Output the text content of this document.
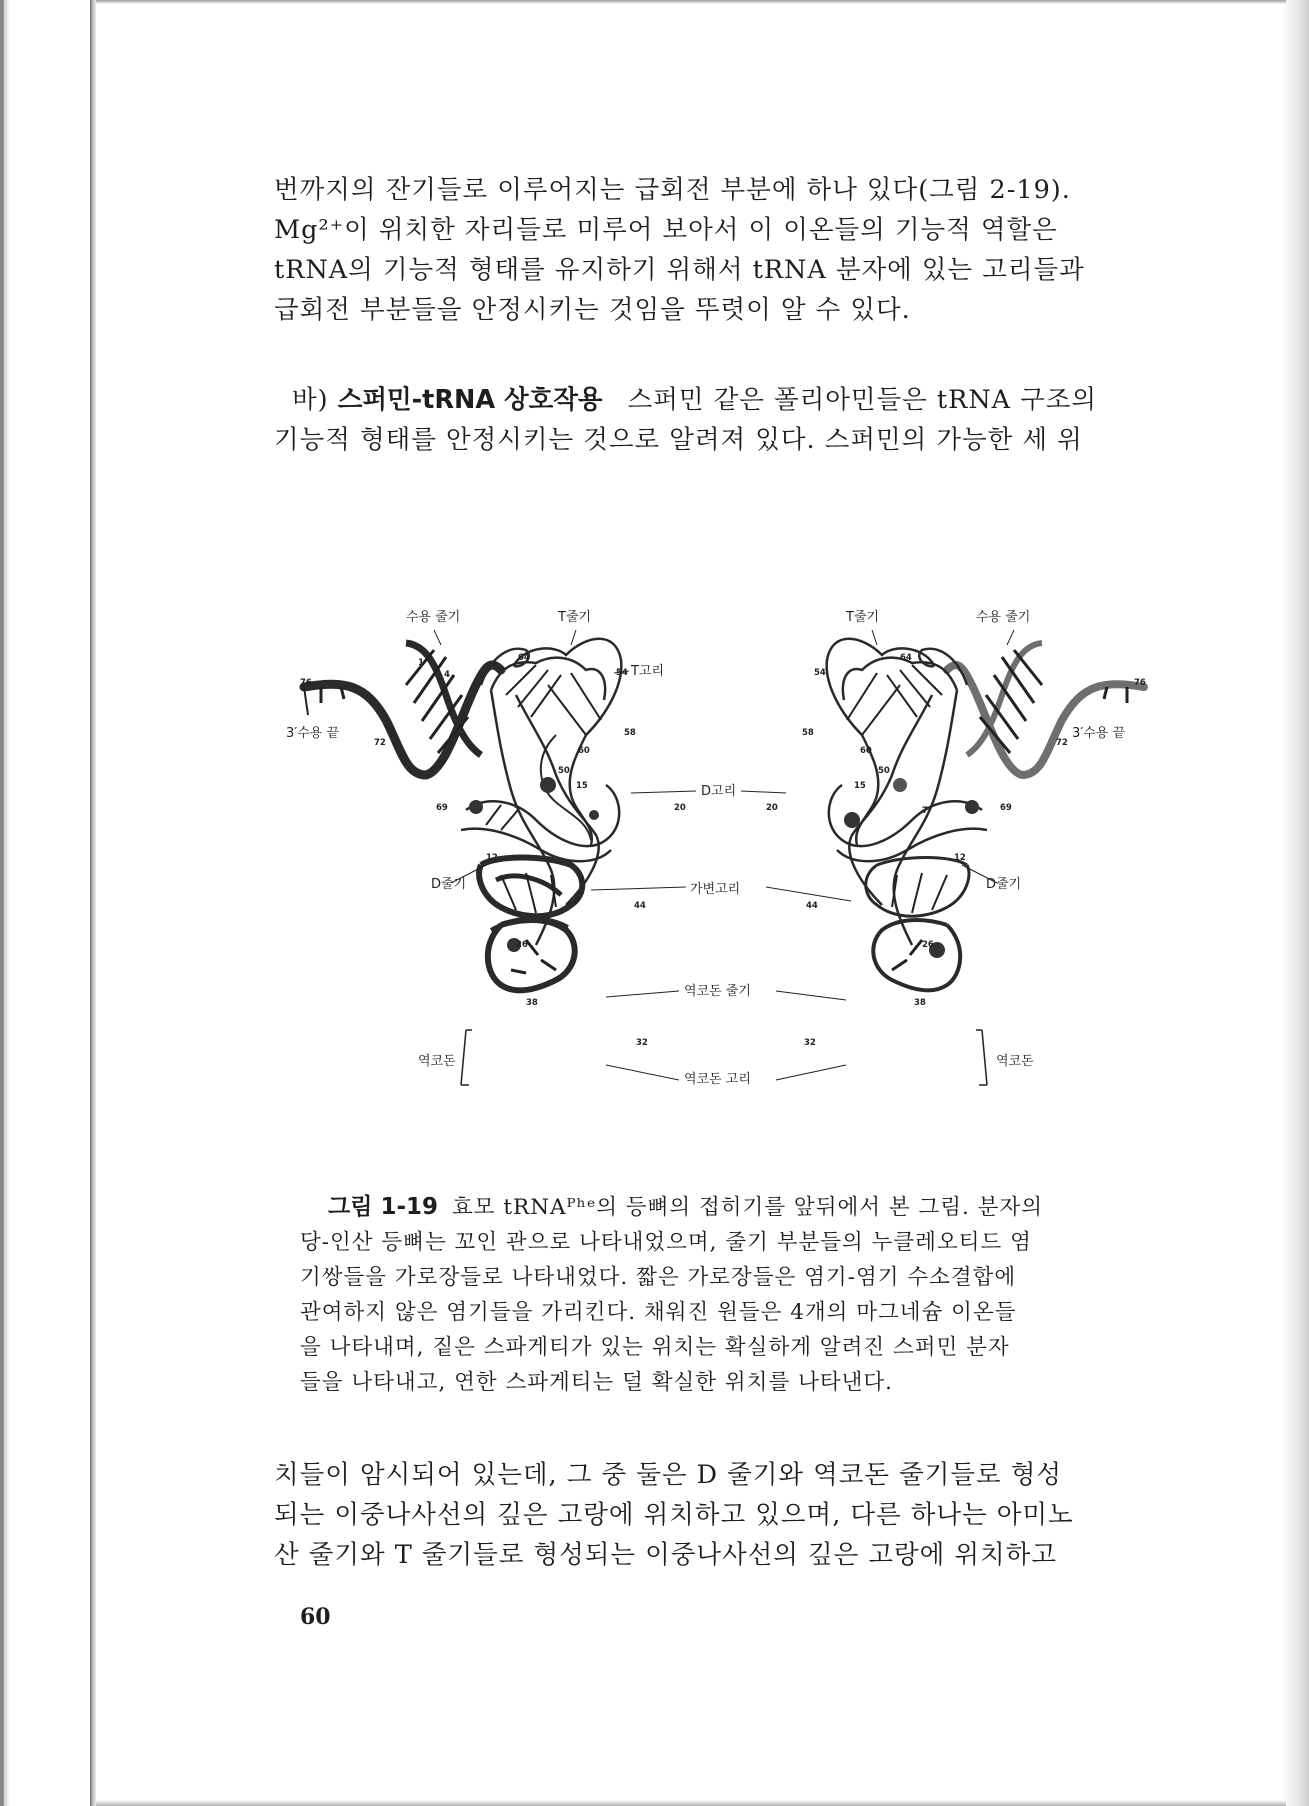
번까지의 잔기들로 이루어지는 급회전 부분에 하나 있다(그림 2-19).
Mg²⁺이 위치한 자리들로 미루어 보아서 이 이온들의 기능적 역할은
tRNA의 기능적 형태를 유지하기 위해서 tRNA 분자에 있는 고리들과
급회전 부분들을 안정시키는 것임을 뚜렷이 알 수 있다.

바) 스퍼민-tRNA 상호작용 스퍼민 같은 폴리아민들은 tRNA 구조의
기능적 형태를 안정시키는 것으로 알려져 있다. 스퍼민의 가능한 세 위

수용 줄기	T줄기
T고리
3′수용 끝
D고리
D줄기
역코돈
76
1	64
54
72
58
60
50
15
69	7	20
12
44
26
38
32
4
가변고리
역코돈 줄기
역코돈 고리
수용 줄기
T줄기
3′수용 끝
D줄기
역코돈
76
64
54
72
58
60
50
15
69
7
20
12
44
26
38
32

그림 1-19 효모 tRNAᴾʰᵉ의 등뼈의 접히기를 앞뒤에서 본 그림. 분자의
당-인산 등뼈는 꼬인 관으로 나타내었으며, 줄기 부분들의 누클레오티드 염
기쌍들을 가로장들로 나타내었다. 짧은 가로장들은 염기-염기 수소결합에
관여하지 않은 염기들을 가리킨다. 채워진 원들은 4개의 마그네슘 이온들
을 나타내며, 짙은 스파게티가 있는 위치는 확실하게 알려진 스퍼민 분자
들을 나타내고, 연한 스파게티는 덜 확실한 위치를 나타낸다.

치들이 암시되어 있는데, 그 중 둘은 D 줄기와 역코돈 줄기들로 형성
되는 이중나사선의 깊은 고랑에 위치하고 있으며, 다른 하나는 아미노
산 줄기와 T 줄기들로 형성되는 이중나사선의 깊은 고랑에 위치하고

60
